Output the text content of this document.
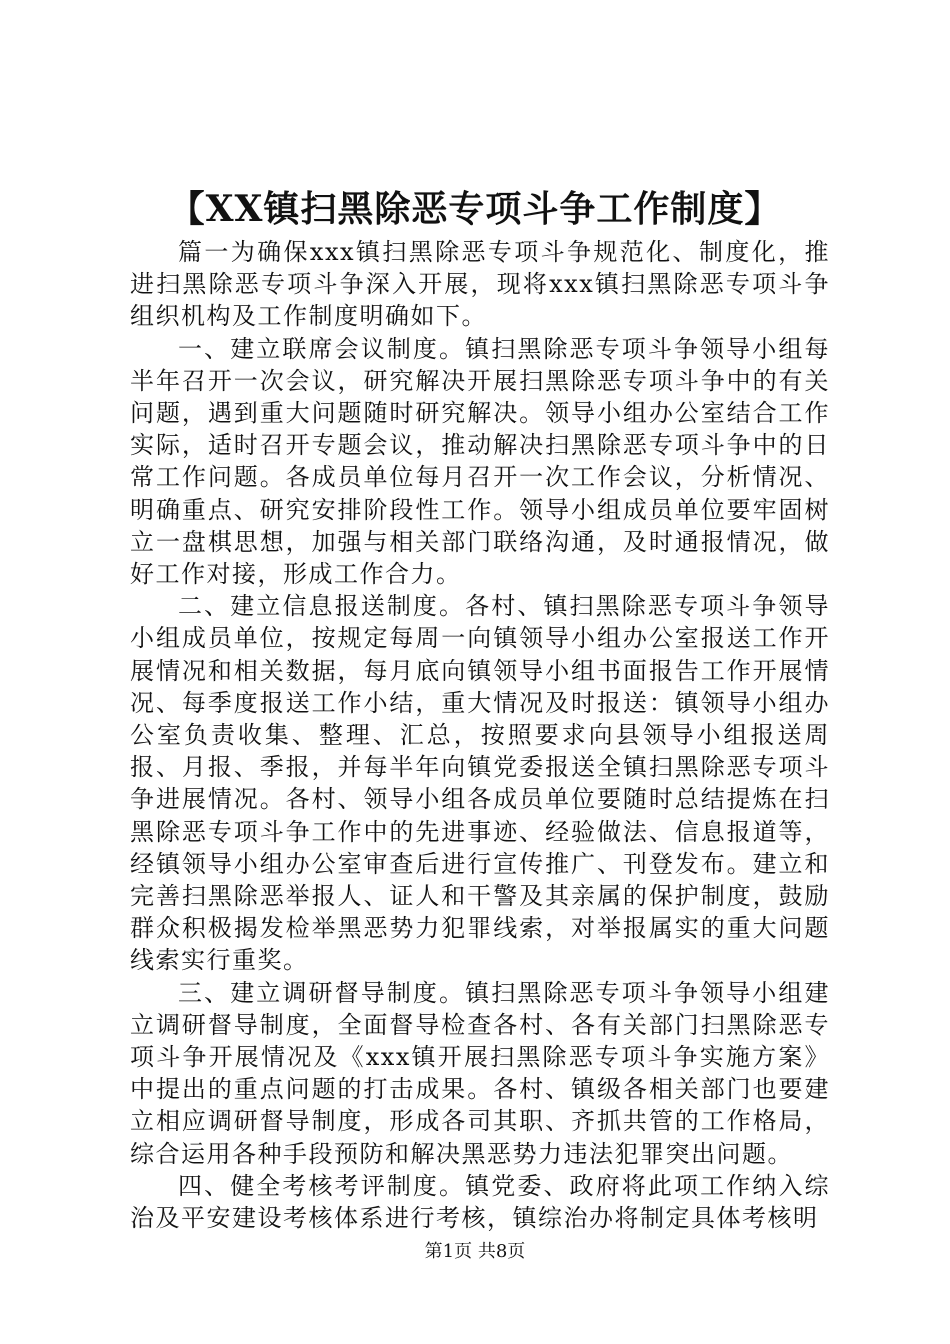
【XX镇扫黑除恶专项斗争工作制度】

篇一为确保xxx镇扫黑除恶专项斗争规范化、制度化，推进扫黑除恶专项斗争深入开展，现将xxx镇扫黑除恶专项斗争组织机构及工作制度明确如下。

一、建立联席会议制度。镇扫黑除恶专项斗争领导小组每半年召开一次会议，研究解决开展扫黑除恶专项斗争中的有关问题，遇到重大问题随时研究解决。领导小组办公室结合工作实际，适时召开专题会议，推动解决扫黑除恶专项斗争中的日常工作问题。各成员单位每月召开一次工作会议，分析情况、明确重点、研究安排阶段性工作。领导小组成员单位要牢固树立一盘棋思想，加强与相关部门联络沟通，及时通报情况，做好工作对接，形成工作合力。

二、建立信息报送制度。各村、镇扫黑除恶专项斗争领导小组成员单位，按规定每周一向镇领导小组办公室报送工作开展情况和相关数据，每月底向镇领导小组书面报告工作开展情况、每季度报送工作小结，重大情况及时报送：镇领导小组办公室负责收集、整理、汇总，按照要求向县领导小组报送周报、月报、季报，并每半年向镇党委报送全镇扫黑除恶专项斗争进展情况。各村、领导小组各成员单位要随时总结提炼在扫黑除恶专项斗争工作中的先进事迹、经验做法、信息报道等，经镇领导小组办公室审查后进行宣传推广、刊登发布。建立和完善扫黑除恶举报人、证人和干警及其亲属的保护制度，鼓励群众积极揭发检举黑恶势力犯罪线索，对举报属实的重大问题线索实行重奖。

三、建立调研督导制度。镇扫黑除恶专项斗争领导小组建立调研督导制度，全面督导检查各村、各有关部门扫黑除恶专项斗争开展情况及《xxx镇开展扫黑除恶专项斗争实施方案》中提出的重点问题的打击成果。各村、镇级各相关部门也要建立相应调研督导制度，形成各司其职、齐抓共管的工作格局，综合运用各种手段预防和解决黑恶势力违法犯罪突出问题。

四、健全考核考评制度。镇党委、政府将此项工作纳入综治及平安建设考核体系进行考核，镇综治办将制定具体考核明

第1页 共8页
